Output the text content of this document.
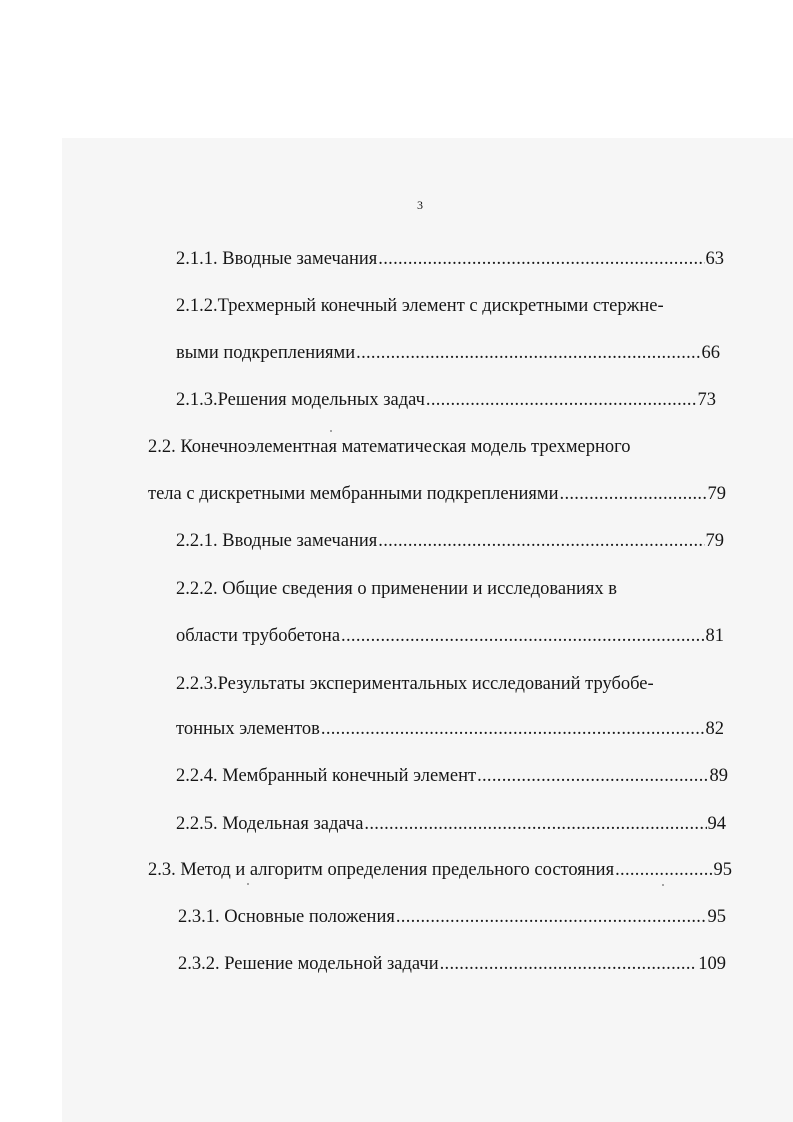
3
2.1.1. Вводные замечания .....	63
2.1.2.Трехмерный конечный элемент с дискретными стержне-
выми подкреплениями .....	66
2.1.3.Решения модельных задач .....	73
2.2. Конечноэлементная математическая модель трехмерного
тела с дискретными мембранными подкреплениями .....	79
2.2.1. Вводные замечания .....	79
2.2.2. Общие сведения о применении и исследованиях в
области трубобетона .....	81
2.2.3.Результаты экспериментальных исследований трубобе-
тонных элементов .....	82
2.2.4. Мембранный конечный элемент .....	89
2.2.5. Модельная задача .....	94
2.3. Метод и алгоритм определения предельного состояния .....	95
2.3.1. Основные положения .....	95
2.3.2. Решение модельной задачи .....	109
